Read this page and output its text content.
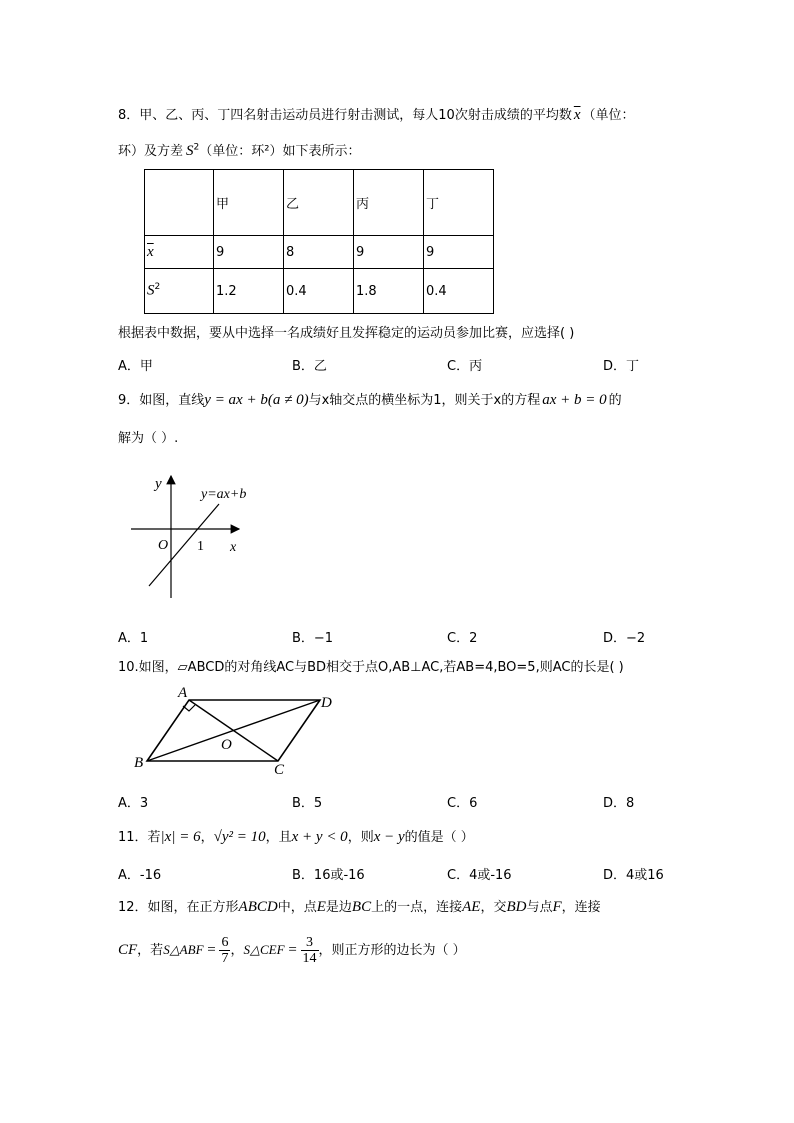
8．甲、乙、丙、丁四名射击运动员进行射击测试，每人10次射击成绩的平均数 $\overline{x}$ （单位：
环）及方差 $S^2$（单位：环²）如下表所示：
	甲	乙	丙	丁
$\overline{x}$	9	8	9	9
$S^2$	1.2	0.4	1.8	0.4
根据表中数据，要从中选择一名成绩好且发挥稳定的运动员参加比赛，应选择( )
A．甲	B．乙	C．丙	D．丁
9．如图，直线y = ax + b(a ≠ 0)与x轴交点的横坐标为1，则关于x的方程 ax + b = 0 的
解为（ ）.
y
x
O 1
y=ax+b
A．1	B．−1	C．2	D．−2
10.如图，▱ABCD的对角线AC与BD相交于点O,AB⊥AC,若AB=4,BO=5,则AC的长是( )
A
B	C
D
O
A．3	B．5	C．6	D．8
11．若|x| = 6，√y² = 10，且x + y < 0，则x − y的值是（ ）
A．-16	B．16或-16	C．4或-16	D．4或16
12．如图，在正方形ABCD中，点E是边BC上的一点，连接AE，交BD与点F，连接
CF，若S△ABF = $\frac{6}{7}$ ，S△CEF = $\frac{3}{14}$ ，则正方形的边长为（ ）
